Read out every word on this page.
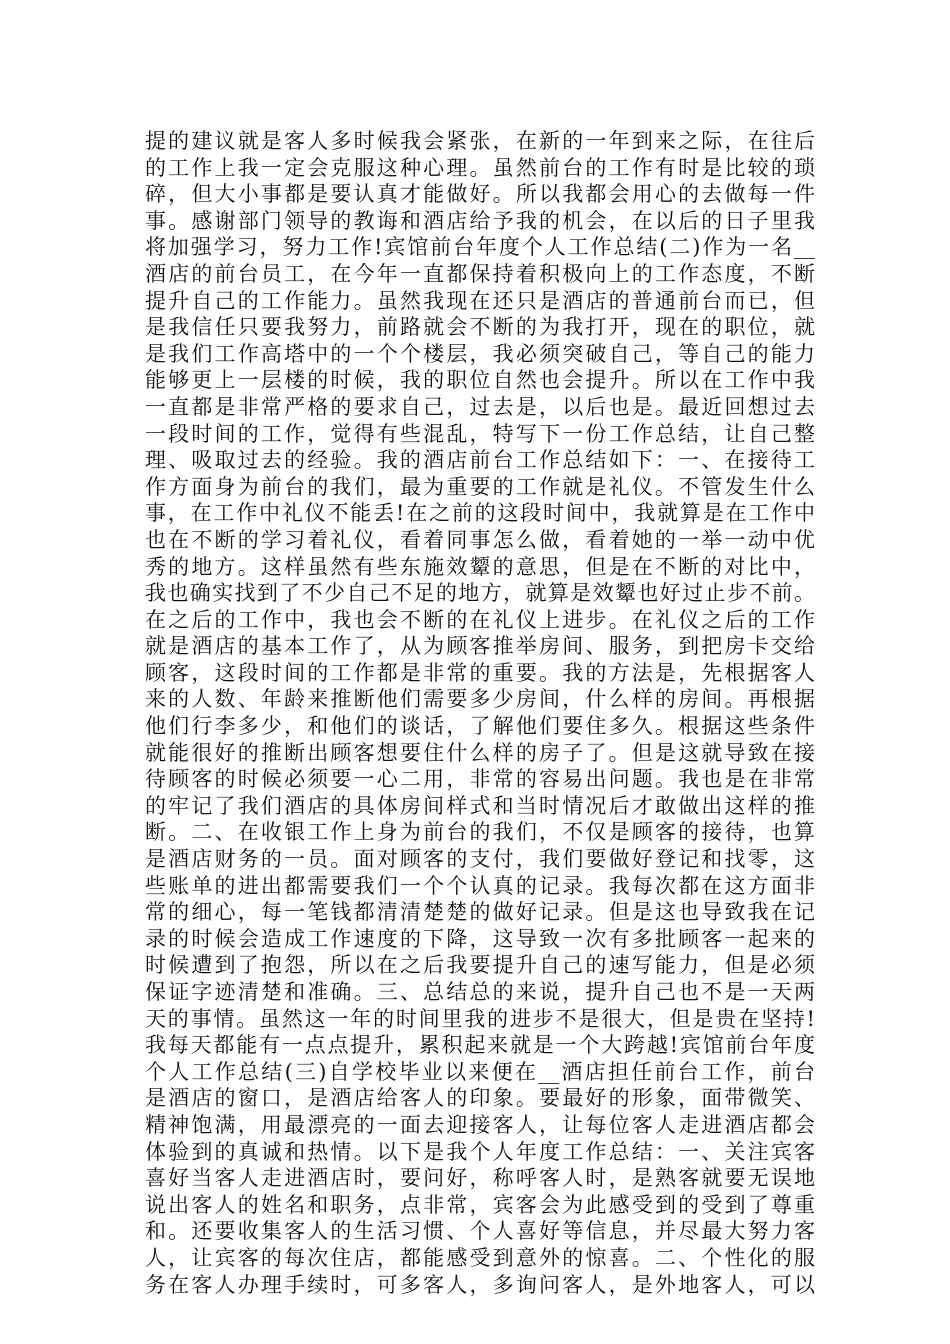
提的建议就是客人多时候我会紧张，在新的一年到来之际，在往后
的工作上我一定会克服这种心理。虽然前台的工作有时是比较的琐
碎，但大小事都是要认真才能做好。所以我都会用心的去做每一件
事。感谢部门领导的教诲和酒店给予我的机会，在以后的日子里我
将加强学习，努力工作!宾馆前台年度个人工作总结(二)作为一名__
酒店的前台员工，在今年一直都保持着积极向上的工作态度，不断
提升自己的工作能力。虽然我现在还只是酒店的普通前台而已，但
是我信任只要我努力，前路就会不断的为我打开，现在的职位，就
是我们工作高塔中的一个个楼层，我必须突破自己，等自己的能力
能够更上一层楼的时候，我的职位自然也会提升。所以在工作中我
一直都是非常严格的要求自己，过去是，以后也是。最近回想过去
一段时间的工作，觉得有些混乱，特写下一份工作总结，让自己整
理、吸取过去的经验。我的酒店前台工作总结如下：一、在接待工
作方面身为前台的我们，最为重要的工作就是礼仪。不管发生什么
事，在工作中礼仪不能丢!在之前的这段时间中，我就算是在工作中
也在不断的学习着礼仪，看着同事怎么做，看着她的一举一动中优
秀的地方。这样虽然有些东施效颦的意思，但是在不断的对比中，
我也确实找到了不少自己不足的地方，就算是效颦也好过止步不前。
在之后的工作中，我也会不断的在礼仪上进步。在礼仪之后的工作
就是酒店的基本工作了，从为顾客推举房间、服务，到把房卡交给
顾客，这段时间的工作都是非常的重要。我的方法是，先根据客人
来的人数、年龄来推断他们需要多少房间，什么样的房间。再根据
他们行李多少，和他们的谈话，了解他们要住多久。根据这些条件
就能很好的推断出顾客想要住什么样的房子了。但是这就导致在接
待顾客的时候必须要一心二用，非常的容易出问题。我也是在非常
的牢记了我们酒店的具体房间样式和当时情况后才敢做出这样的推
断。二、在收银工作上身为前台的我们，不仅是顾客的接待，也算
是酒店财务的一员。面对顾客的支付，我们要做好登记和找零，这
些账单的进出都需要我们一个个认真的记录。我每次都在这方面非
常的细心，每一笔钱都清清楚楚的做好记录。但是这也导致我在记
录的时候会造成工作速度的下降，这导致一次有多批顾客一起来的
时候遭到了抱怨，所以在之后我要提升自己的速写能力，但是必须
保证字迹清楚和准确。三、总结总的来说，提升自己也不是一天两
天的事情。虽然这一年的时间里我的进步不是很大，但是贵在坚持!
我每天都能有一点点提升，累积起来就是一个大跨越!宾馆前台年度
个人工作总结(三)自学校毕业以来便在__酒店担任前台工作，前台
是酒店的窗口，是酒店给客人的印象。要最好的形象，面带微笑、
精神饱满，用最漂亮的一面去迎接客人，让每位客人走进酒店都会
体验到的真诚和热情。以下是我个人年度工作总结：一、关注宾客
喜好当客人走进酒店时，要问好，称呼客人时，是熟客就要无误地
说出客人的姓名和职务，点非常，宾客会为此感受到的受到了尊重
和。还要收集客人的生活习惯、个人喜好等信息，并尽最大努力客
人，让宾客的每次住店，都能感受到意外的惊喜。二、个性化的服
务在客人办理手续时，可多客人，多询问客人，是外地客人，可以
